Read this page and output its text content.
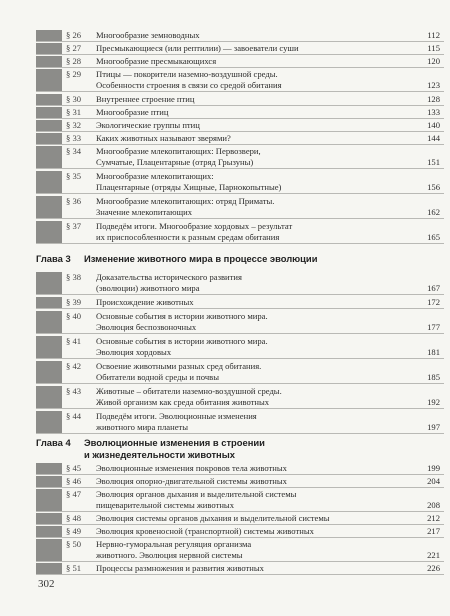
§ 26	Многообразие земноводных	112
§ 27	Пресмыкающиеся (или рептилии) — завоеватели суши	115
§ 28	Многообразие пресмыкающихся	120
§ 29	Птицы — покорители наземно-воздушной среды.
Особенности строения в связи со средой обитания	123
§ 30	Внутреннее строение птиц	128
§ 31	Многообразие птиц	133
§ 32	Экологические группы птиц	140
§ 33	Каких животных называют зверями?	144
§ 34	Многообразие млекопитающих: Первозвери,
Сумчатые, Плацентарные (отряд Грызуны)	151
§ 35	Многообразие млекопитающих:
Плацентарные (отряды Хищные, Парнокопытные)	156
§ 36	Многообразие млекопитающих: отряд Приматы.
Значение млекопитающих	162
§ 37	Подведём итоги. Многообразие хордовых – результат
их приспособленности к разным средам обитания	165
Глава 3 Изменение животного мира в процессе эволюции
§ 38	Доказательства исторического развития
(эволюции) животного мира	167
§ 39	Происхождение животных	172
§ 40	Основные события в истории животного мира.
Эволюция беспозвоночных	177
§ 41	Основные события в истории животного мира.
Эволюция хордовых	181
§ 42	Освоение животными разных сред обитания.
Обитатели водной среды и почвы	185
§ 43	Животные – обитатели наземно-воздушной среды.
Живой организм как среда обитания животных	192
§ 44	Подведём итоги. Эволюционные изменения
животного мира планеты	197
Глава 4 Эволюционные изменения в строении
и жизнедеятельности животных
§ 45	Эволюционные изменения покровов тела животных	199
§ 46	Эволюция опорно-двигательной системы животных	204
§ 47	Эволюция органов дыхания и выделительной системы
пищеварительной системы животных	208
§ 48	Эволюция системы органов дыхания и выделительной системы	212
§ 49	Эволюция кровеносной (транспортной) системы животных	217
§ 50	Нервно-гуморальная регуляция организма
животного. Эволюция нервной системы	221
§ 51	Процессы размножения и развития животных	226
302
